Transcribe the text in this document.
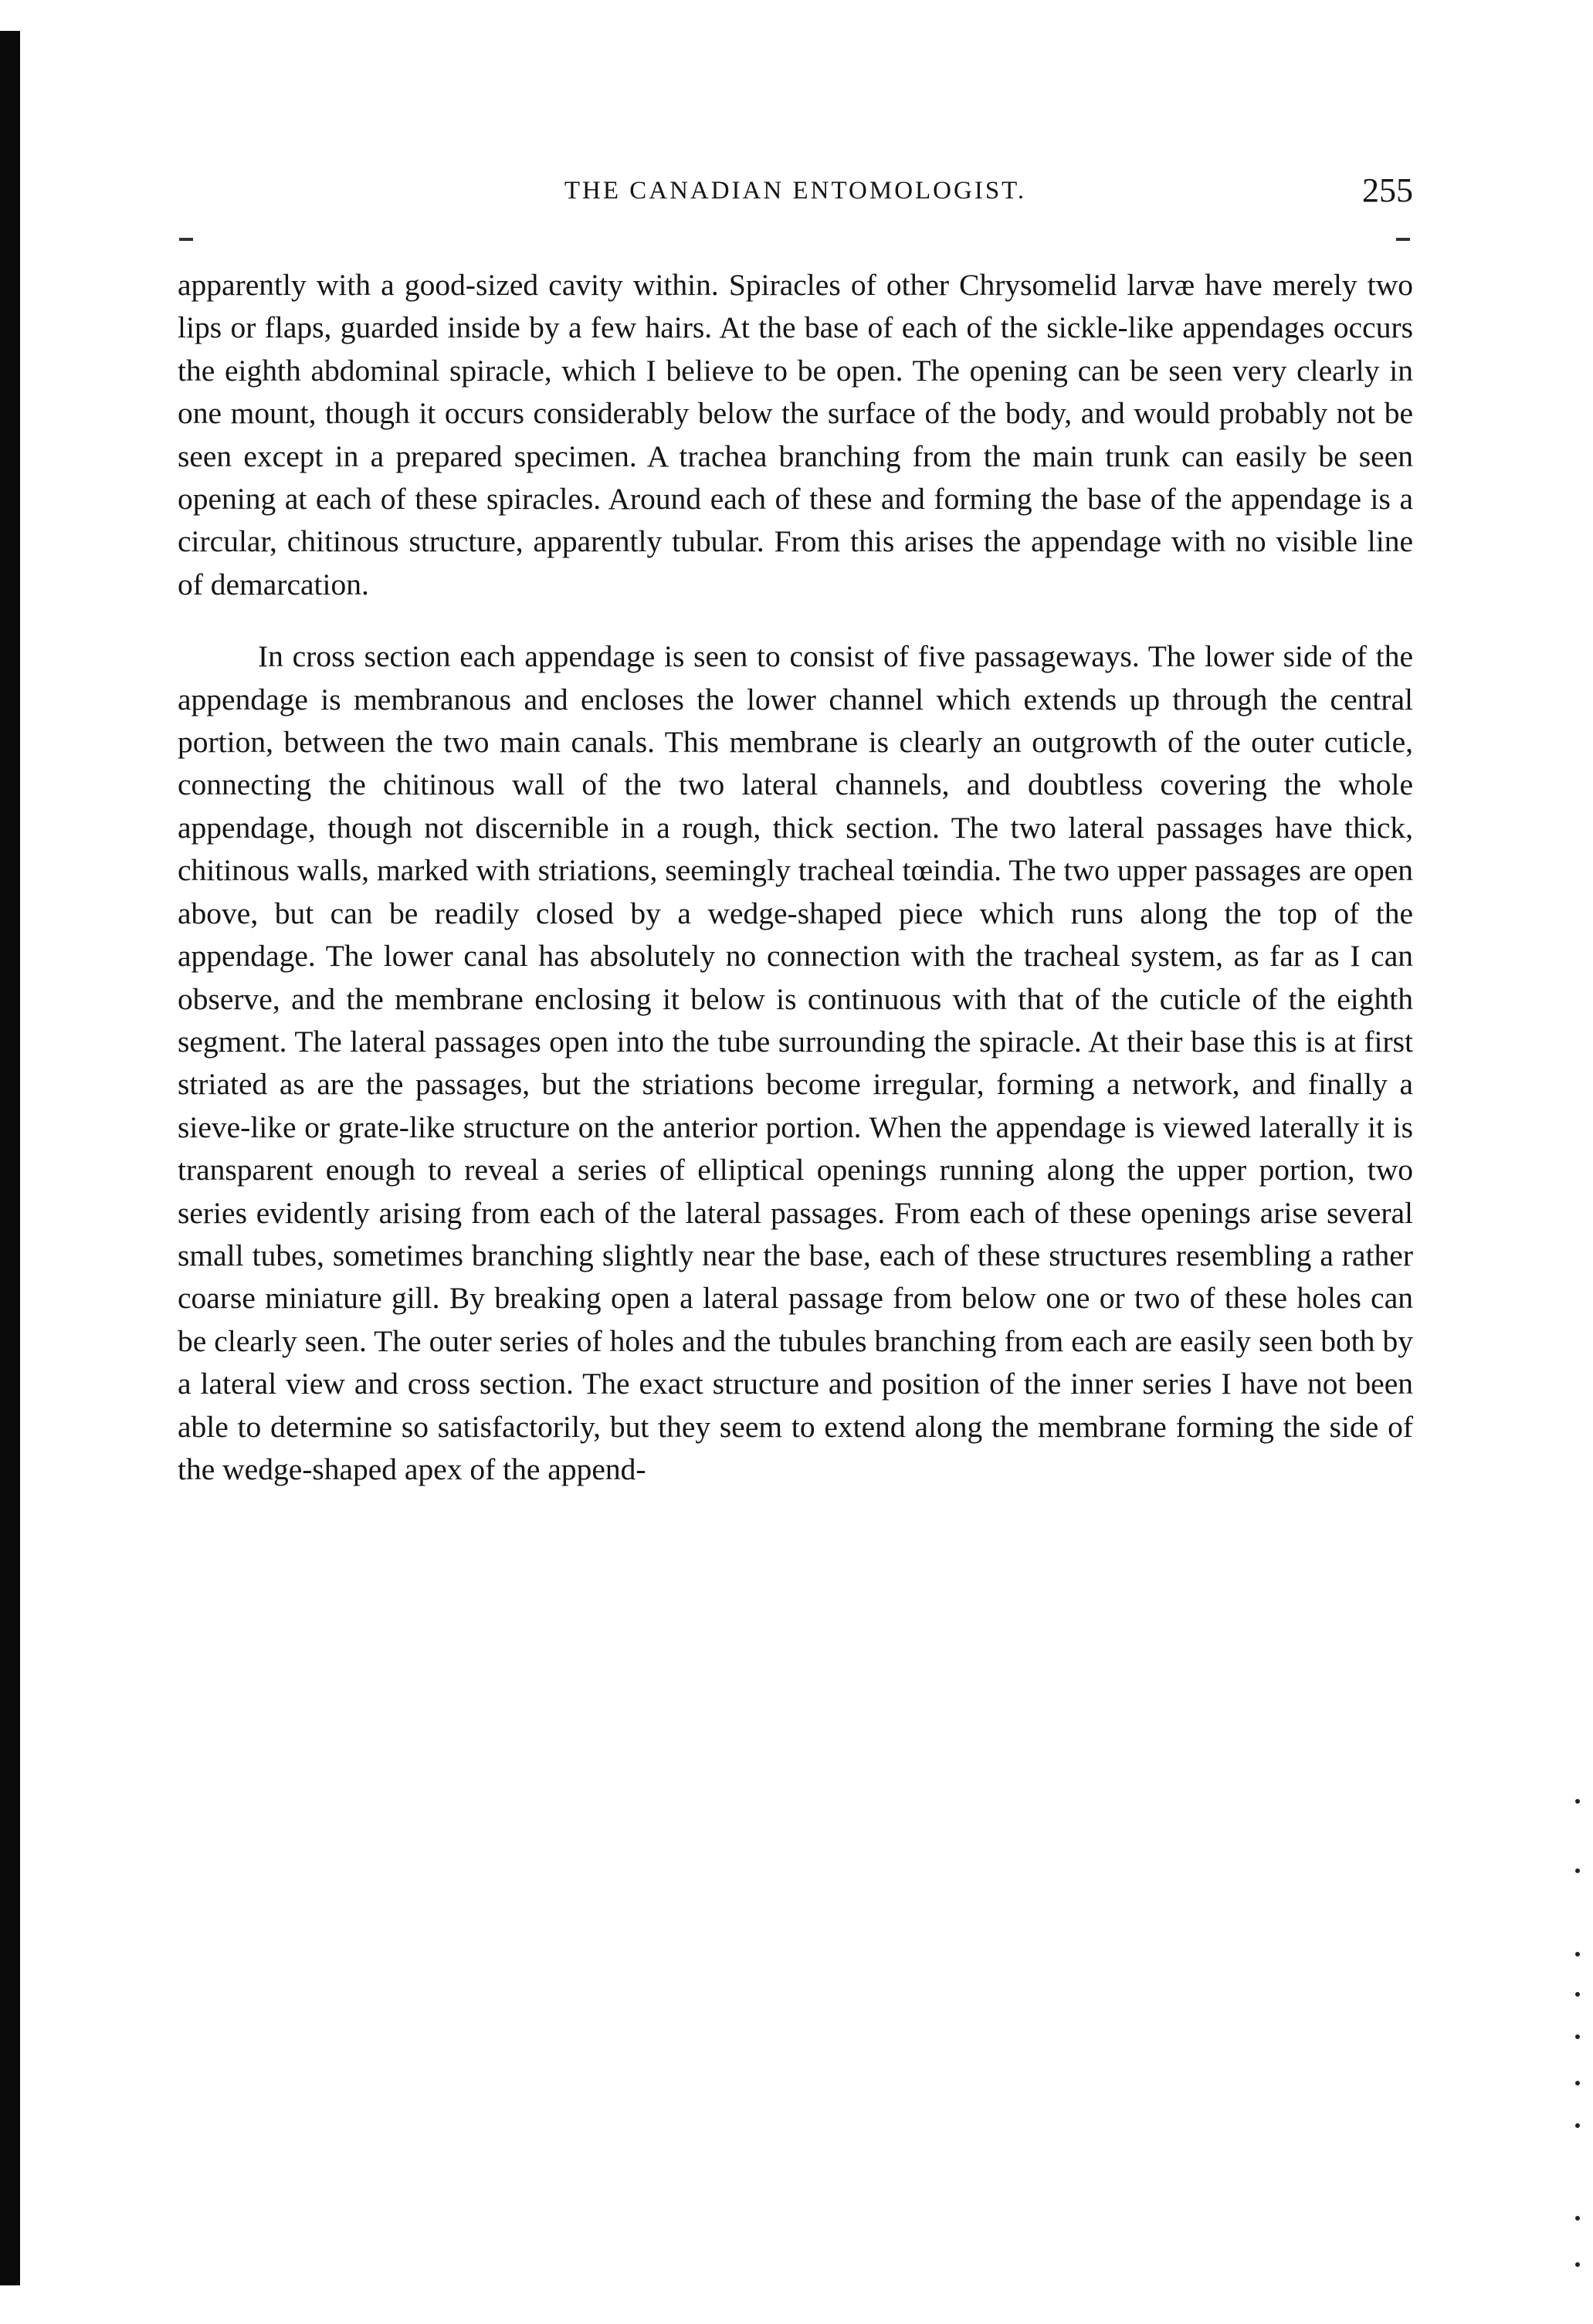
THE CANADIAN ENTOMOLOGIST.	255

apparently with a good-sized cavity within. Spiracles of other Chrysomelid larvæ have merely two lips or flaps, guarded inside by a few hairs. At the base of each of the sickle-like appendages occurs the eighth abdominal spiracle, which I believe to be open. The opening can be seen very clearly in one mount, though it occurs considerably below the surface of the body, and would probably not be seen except in a prepared specimen. A trachea branching from the main trunk can easily be seen opening at each of these spiracles. Around each of these and forming the base of the appendage is a circular, chitinous structure, apparently tubular. From this arises the appendage with no visible line of demarcation.

In cross section each appendage is seen to consist of five passageways. The lower side of the appendage is membranous and encloses the lower channel which extends up through the central portion, between the two main canals. This membrane is clearly an outgrowth of the outer cuticle, connecting the chitinous wall of the two lateral channels, and doubtless covering the whole appendage, though not discernible in a rough, thick section. The two lateral passages have thick, chitinous walls, marked with striations, seemingly tracheal tœindia. The two upper passages are open above, but can be readily closed by a wedge-shaped piece which runs along the top of the appendage. The lower canal has absolutely no connection with the tracheal system, as far as I can observe, and the membrane enclosing it below is continuous with that of the cuticle of the eighth segment. The lateral passages open into the tube surrounding the spiracle. At their base this is at first striated as are the passages, but the striations become irregular, forming a network, and finally a sieve-like or grate-like structure on the anterior portion. When the appendage is viewed laterally it is transparent enough to reveal a series of elliptical openings running along the upper portion, two series evidently arising from each of the lateral passages. From each of these openings arise several small tubes, sometimes branching slightly near the base, each of these structures resembling a rather coarse miniature gill. By breaking open a lateral passage from below one or two of these holes can be clearly seen. The outer series of holes and the tubules branching from each are easily seen both by a lateral view and cross section. The exact structure and position of the inner series I have not been able to determine so satisfactorily, but they seem to extend along the membrane forming the side of the wedge-shaped apex of the append-
